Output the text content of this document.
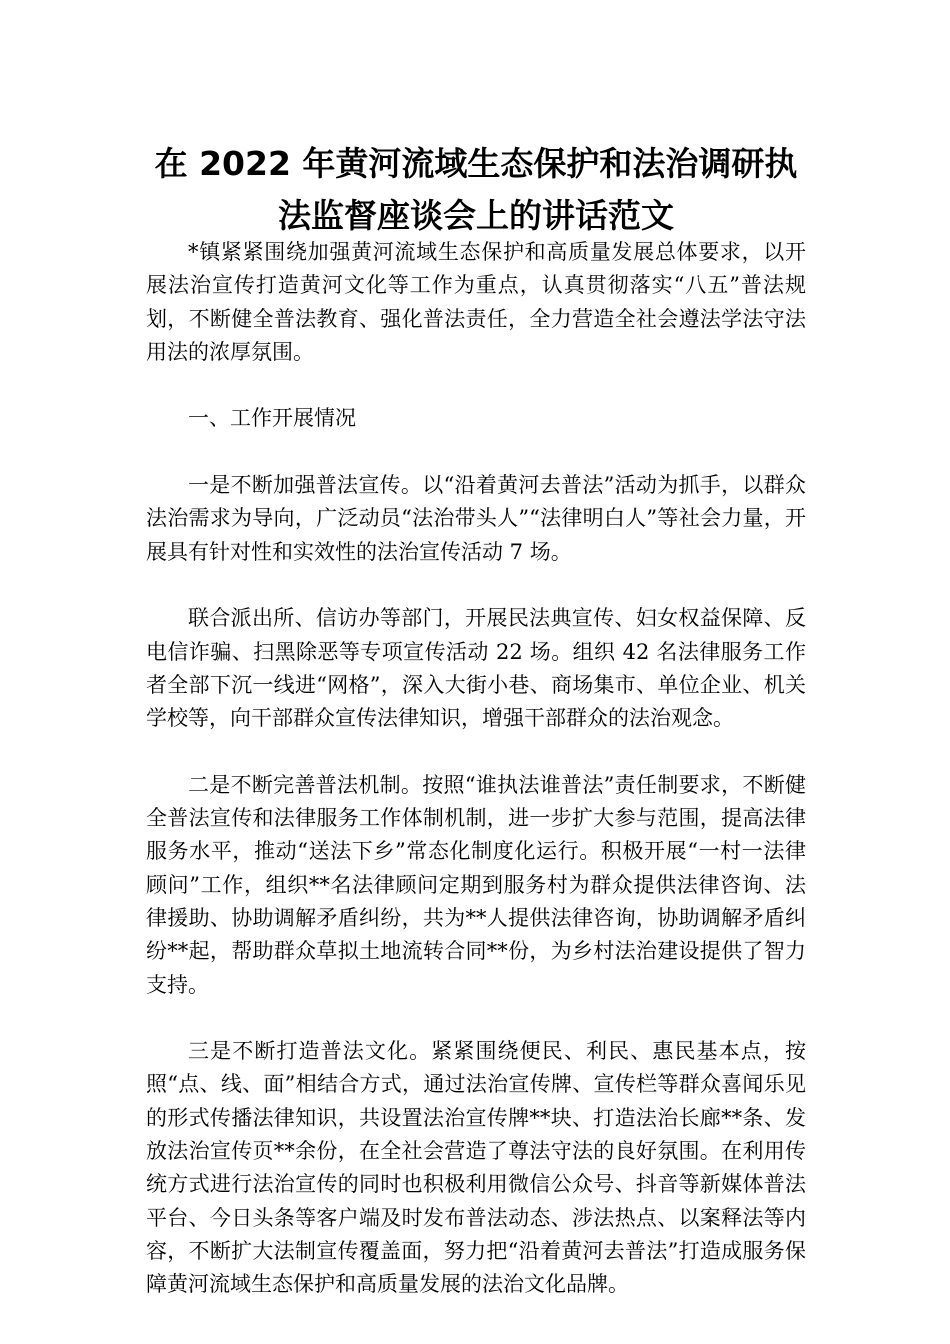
在 2022 年黄河流域生态保护和法治调研执
法监督座谈会上的讲话范文

*镇紧紧围绕加强黄河流域生态保护和高质量发展总体要求，以开展法治宣传打造黄河文化等工作为重点，认真贯彻落实“八五”普法规划，不断健全普法教育、强化普法责任，全力营造全社会遵法学法守法用法的浓厚氛围。

一、工作开展情况

一是不断加强普法宣传。以“沿着黄河去普法”活动为抓手，以群众法治需求为导向，广泛动员“法治带头人”“法律明白人”等社会力量，开展具有针对性和实效性的法治宣传活动 7 场。

联合派出所、信访办等部门，开展民法典宣传、妇女权益保障、反电信诈骗、扫黑除恶等专项宣传活动 22 场。组织 42 名法律服务工作者全部下沉一线进“网格”，深入大街小巷、商场集市、单位企业、机关学校等，向干部群众宣传法律知识，增强干部群众的法治观念。

二是不断完善普法机制。按照“谁执法谁普法”责任制要求，不断健全普法宣传和法律服务工作体制机制，进一步扩大参与范围，提高法律服务水平，推动“送法下乡”常态化制度化运行。积极开展“一村一法律顾问”工作，组织**名法律顾问定期到服务村为群众提供法律咨询、法律援助、协助调解矛盾纠纷，共为**人提供法律咨询，协助调解矛盾纠纷**起，帮助群众草拟土地流转合同**份，为乡村法治建设提供了智力支持。

三是不断打造普法文化。紧紧围绕便民、利民、惠民基本点，按照“点、线、面”相结合方式，通过法治宣传牌、宣传栏等群众喜闻乐见的形式传播法律知识，共设置法治宣传牌**块、打造法治长廊**条、发放法治宣传页**余份，在全社会营造了尊法守法的良好氛围。在利用传统方式进行法治宣传的同时也积极利用微信公众号、抖音等新媒体普法平台、今日头条等客户端及时发布普法动态、涉法热点、以案释法等内容，不断扩大法制宣传覆盖面，努力把“沿着黄河去普法”打造成服务保障黄河流域生态保护和高质量发展的法治文化品牌。
